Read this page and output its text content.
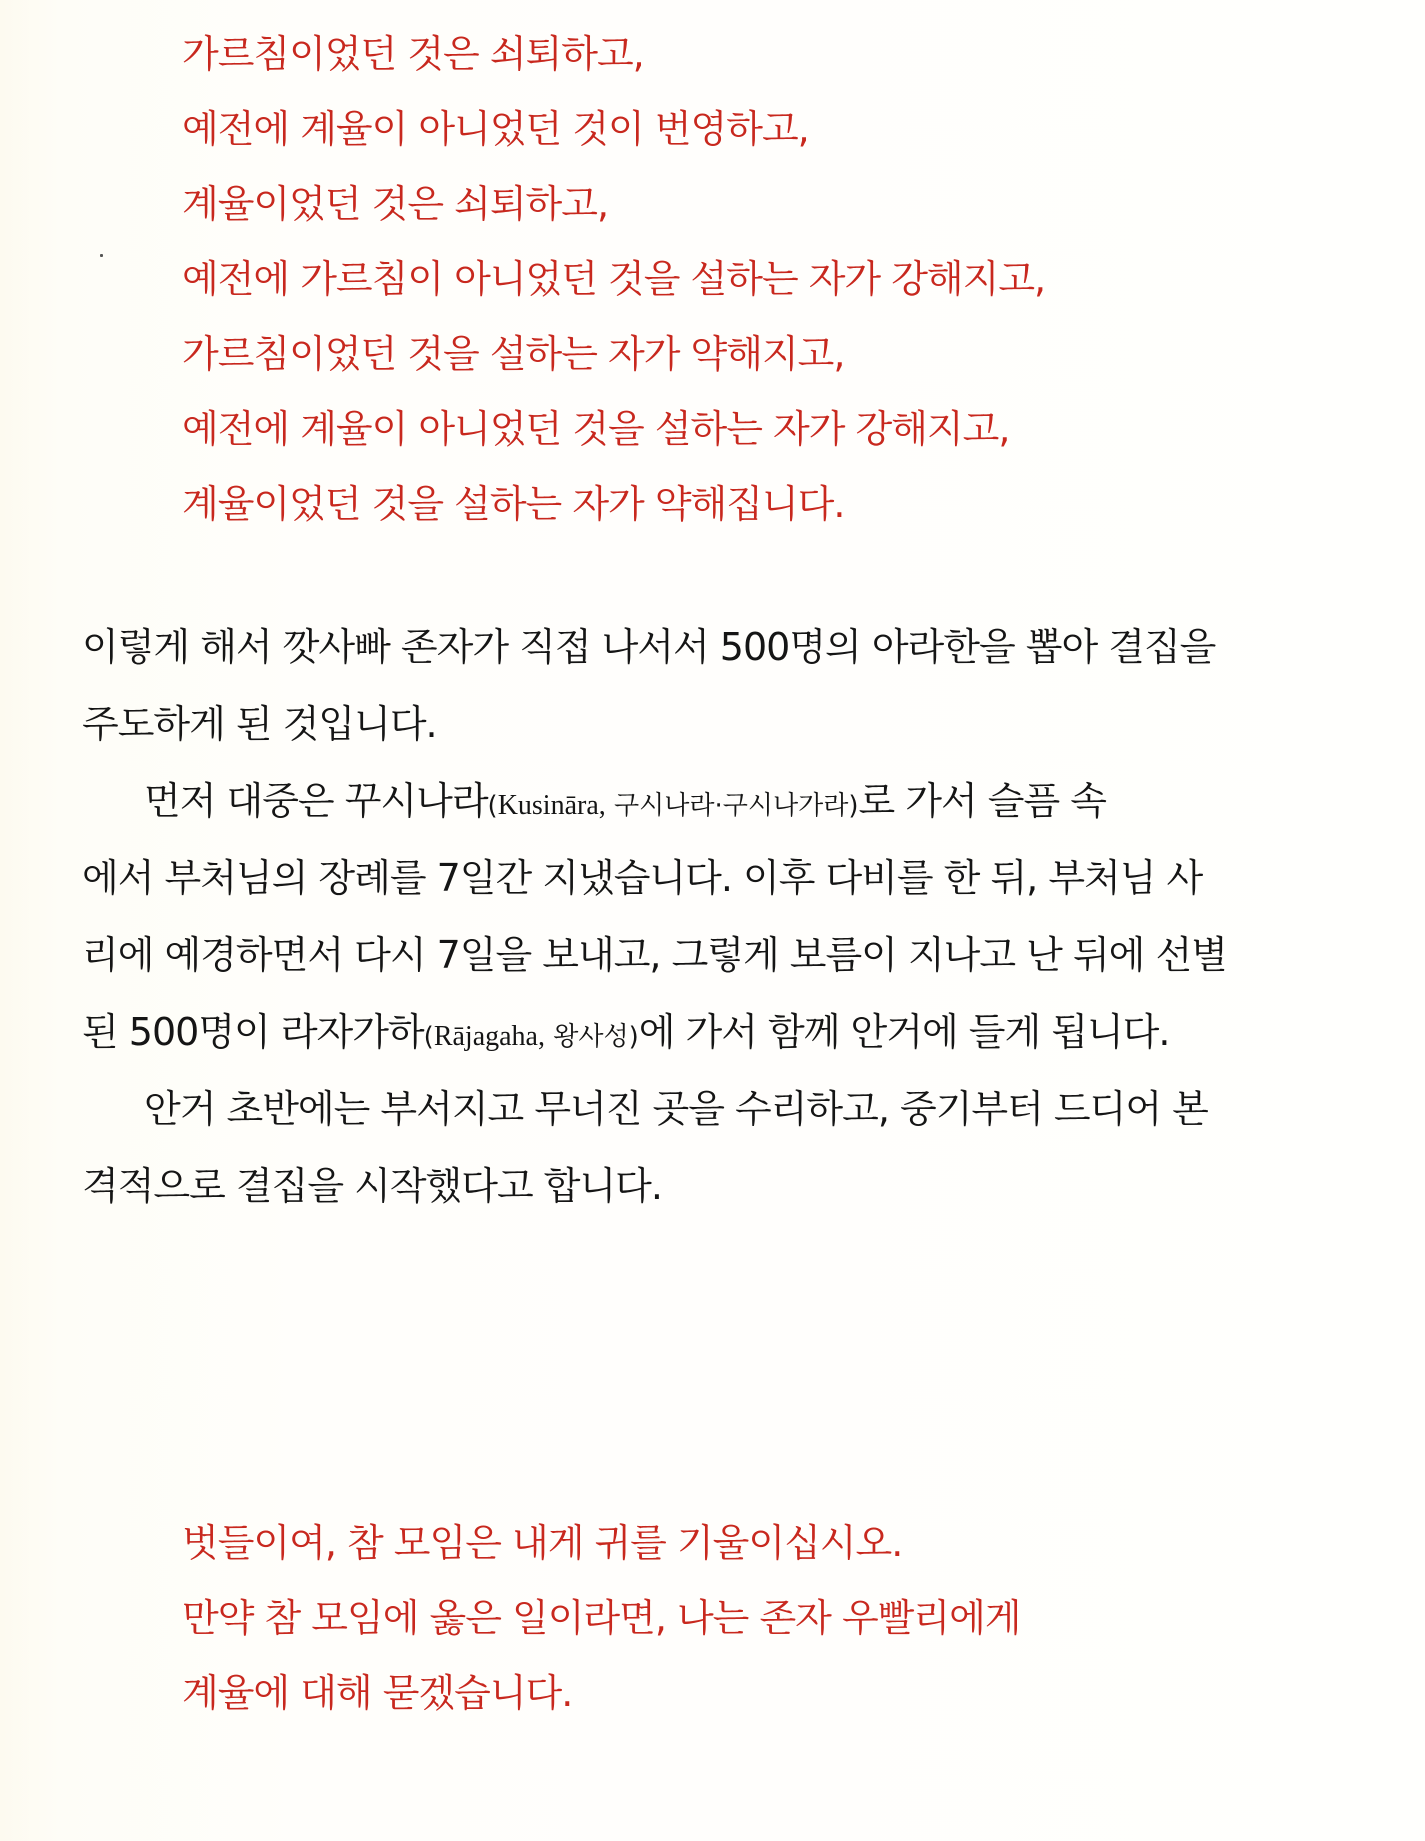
가르침이었던 것은 쇠퇴하고,
예전에 계율이 아니었던 것이 번영하고,
계율이었던 것은 쇠퇴하고,
예전에 가르침이 아니었던 것을 설하는 자가 강해지고,
가르침이었던 것을 설하는 자가 약해지고,
예전에 계율이 아니었던 것을 설하는 자가 강해지고,
계율이었던 것을 설하는 자가 약해집니다.
이렇게 해서 깟사빠 존자가 직접 나서서 500명의 아라한을 뽑아 결집을
주도하게 된 것입니다.
먼저 대중은 꾸시나라(Kusināra, 구시나라·구시나가라)로 가서 슬픔 속
에서 부처님의 장례를 7일간 지냈습니다. 이후 다비를 한 뒤, 부처님 사
리에 예경하면서 다시 7일을 보내고, 그렇게 보름이 지나고 난 뒤에 선별
된 500명이 라자가하(Rājagaha, 왕사성)에 가서 함께 안거에 들게 됩니다.
안거 초반에는 부서지고 무너진 곳을 수리하고, 중기부터 드디어 본
격적으로 결집을 시작했다고 합니다.
벗들이여, 참 모임은 내게 귀를 기울이십시오.
만약 참 모임에 옳은 일이라면, 나는 존자 우빨리에게
계율에 대해 묻겠습니다.
